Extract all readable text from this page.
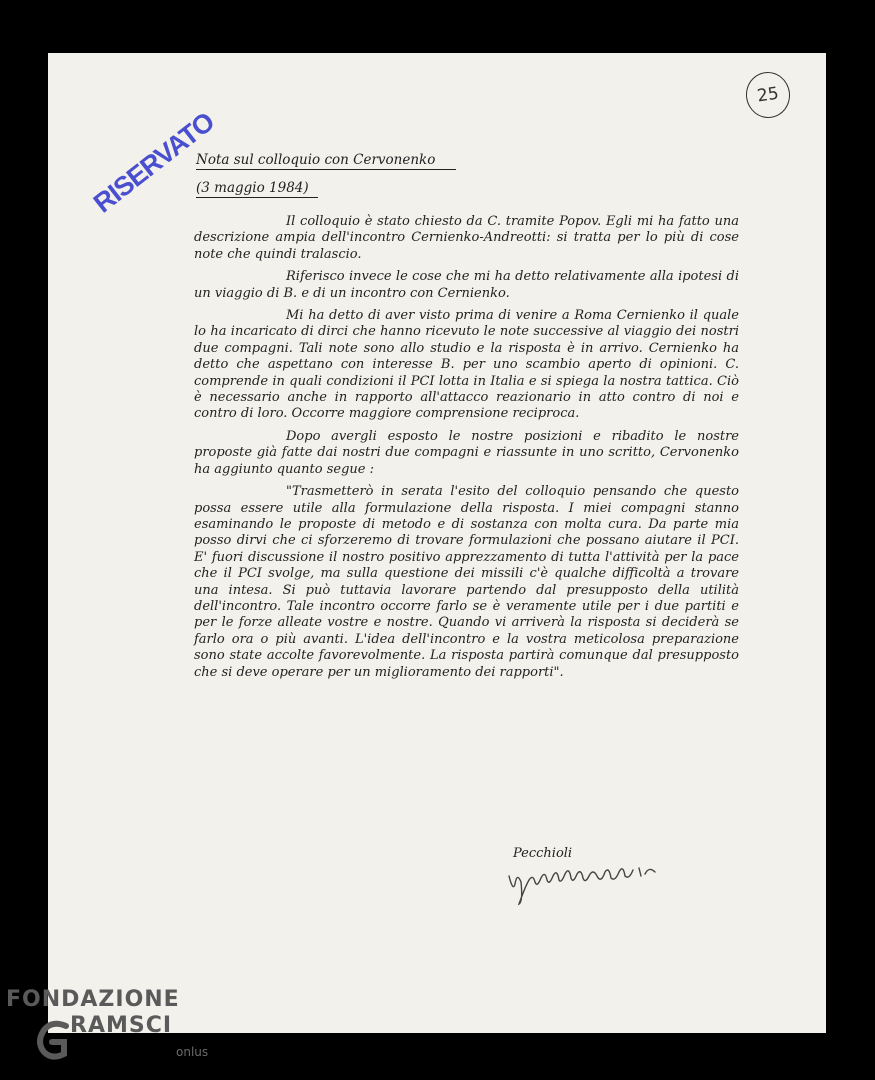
RISERVATO
25
Nota sul colloquio con Cervonenko
(3 maggio 1984)

Il colloquio è stato chiesto da C. tramite Popov. Egli mi ha fatto una descrizione ampia dell'incontro Cernienko-Andreotti: si tratta per lo più di cose note che quindi tralascio.

Riferisco invece le cose che mi ha detto relativamente alla ipotesi di un viaggio di B. e di un incontro con Cernienko.

Mi ha detto di aver visto prima di venire a Roma Cernienko il quale lo ha incaricato di dirci che hanno ricevuto le note successive al viaggio dei nostri due compagni. Tali note sono allo studio e la risposta è in arrivo. Cernienko ha detto che aspettano con interesse B. per uno scambio aperto di opinioni. C. comprende in quali condizioni il PCI lotta in Italia e si spiega la nostra tattica. Ciò è necessario anche in rapporto all'attacco reazionario in atto contro di noi e contro di loro. Occorre maggiore comprensione reciproca.

Dopo avergli esposto le nostre posizioni e ribadito le nostre proposte già fatte dai nostri due compagni e riassunte in uno scritto, Cervonenko ha aggiunto quanto segue :

"Trasmetterò in serata l'esito del colloquio pensando che questo possa essere utile alla formulazione della risposta. I miei compagni stanno esaminando le proposte di metodo e di sostanza con molta cura. Da parte mia posso dirvi che ci sforzeremo di trovare formulazioni che possano aiutare il PCI. E' fuori discussione il nostro positivo apprezzamento di tutta l'attività per la pace che il PCI svolge, ma sulla questione dei missili c'è qualche difficoltà a trovare una intesa. Si può tuttavia lavorare partendo dal presupposto della utilità dell'incontro. Tale incontro occorre farlo se è veramente utile per i due partiti e per le forze alleate vostre e nostre. Quando vi arriverà la risposta si deciderà se farlo ora o più avanti. L'idea dell'incontro e la vostra meticolosa preparazione sono state accolte favorevolmente. La risposta partirà comunque dal presupposto che si deve operare per un miglioramento dei rapporti".

Pecchioli
FONDAZIONE
RAMSCI
onlus
